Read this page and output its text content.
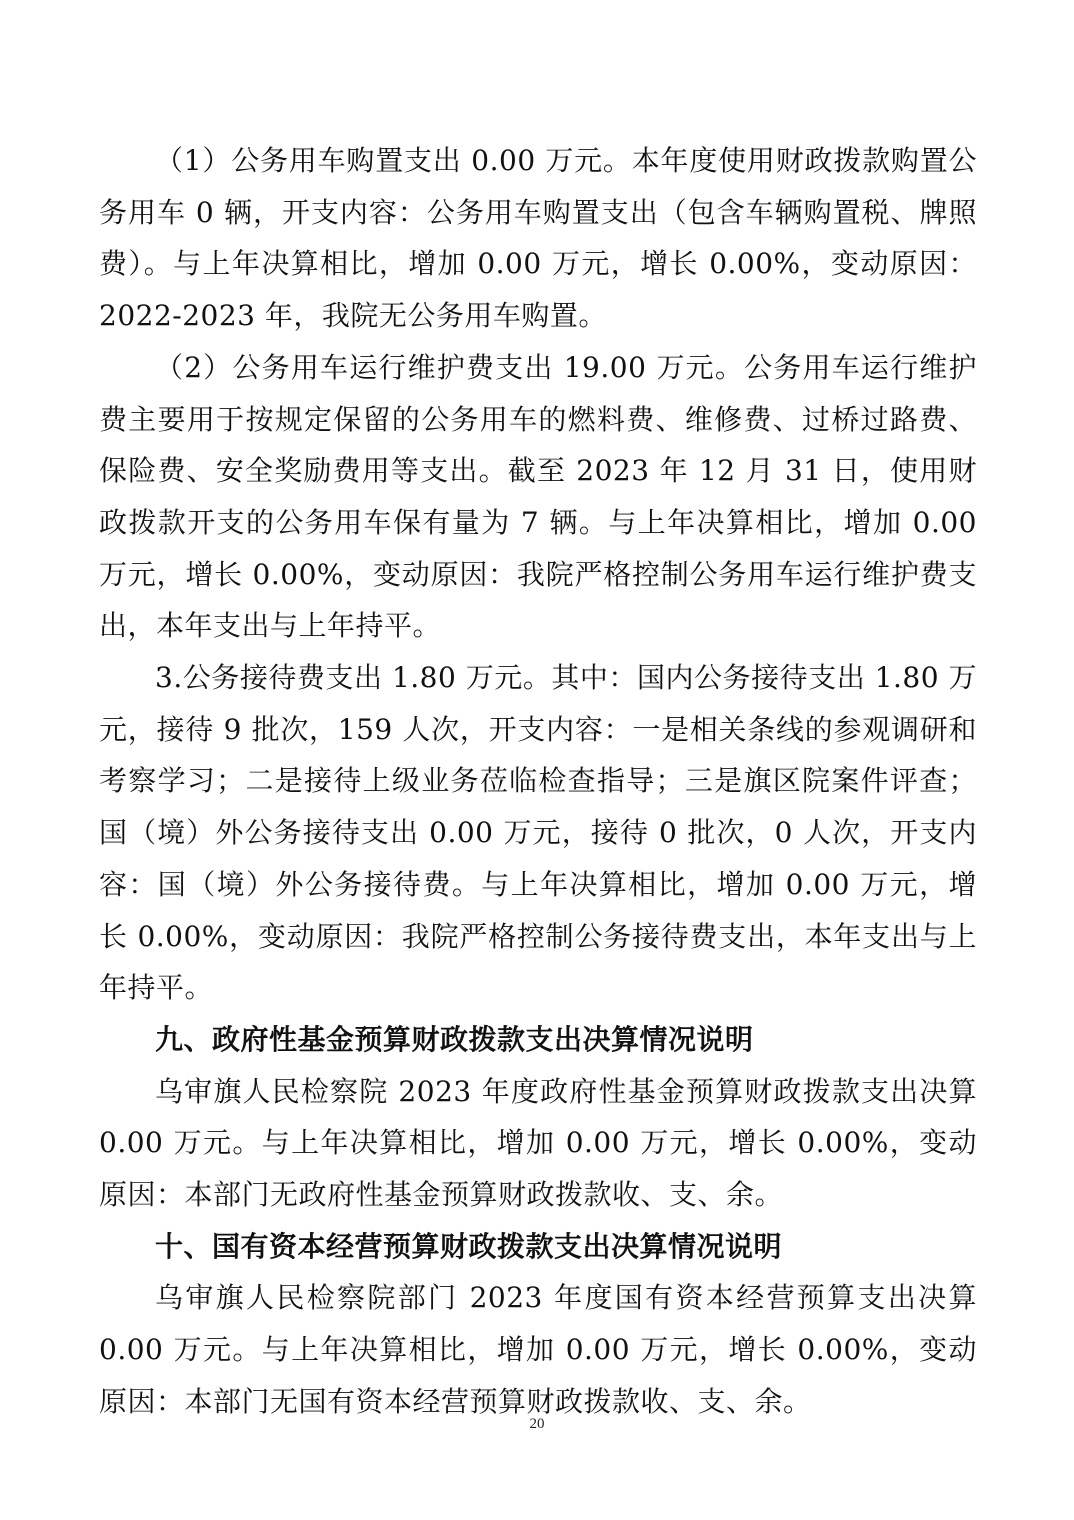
（1）公务用车购置支出 0.00 万元。本年度使用财政拨款购置公务用车 0 辆，开支内容：公务用车购置支出（包含车辆购置税、牌照费）。与上年决算相比，增加 0.00 万元，增长 0.00%，变动原因：2022-2023 年，我院无公务用车购置。

（2）公务用车运行维护费支出 19.00 万元。公务用车运行维护费主要用于按规定保留的公务用车的燃料费、维修费、过桥过路费、保险费、安全奖励费用等支出。截至 2023 年 12 月 31 日，使用财政拨款开支的公务用车保有量为 7 辆。与上年决算相比，增加 0.00 万元，增长 0.00%，变动原因：我院严格控制公务用车运行维护费支出，本年支出与上年持平。

3.公务接待费支出 1.80 万元。其中：国内公务接待支出 1.80 万元，接待 9 批次，159 人次，开支内容：一是相关条线的参观调研和考察学习；二是接待上级业务莅临检查指导；三是旗区院案件评查；国（境）外公务接待支出 0.00 万元，接待 0 批次，0 人次，开支内容：国（境）外公务接待费。与上年决算相比，增加 0.00 万元，增长 0.00%，变动原因：我院严格控制公务接待费支出，本年支出与上年持平。

九、政府性基金预算财政拨款支出决算情况说明

乌审旗人民检察院 2023 年度政府性基金预算财政拨款支出决算 0.00 万元。与上年决算相比，增加 0.00 万元，增长 0.00%，变动原因：本部门无政府性基金预算财政拨款收、支、余。

十、国有资本经营预算财政拨款支出决算情况说明

乌审旗人民检察院部门 2023 年度国有资本经营预算支出决算 0.00 万元。与上年决算相比，增加 0.00 万元，增长 0.00%，变动原因：本部门无国有资本经营预算财政拨款收、支、余。

20
